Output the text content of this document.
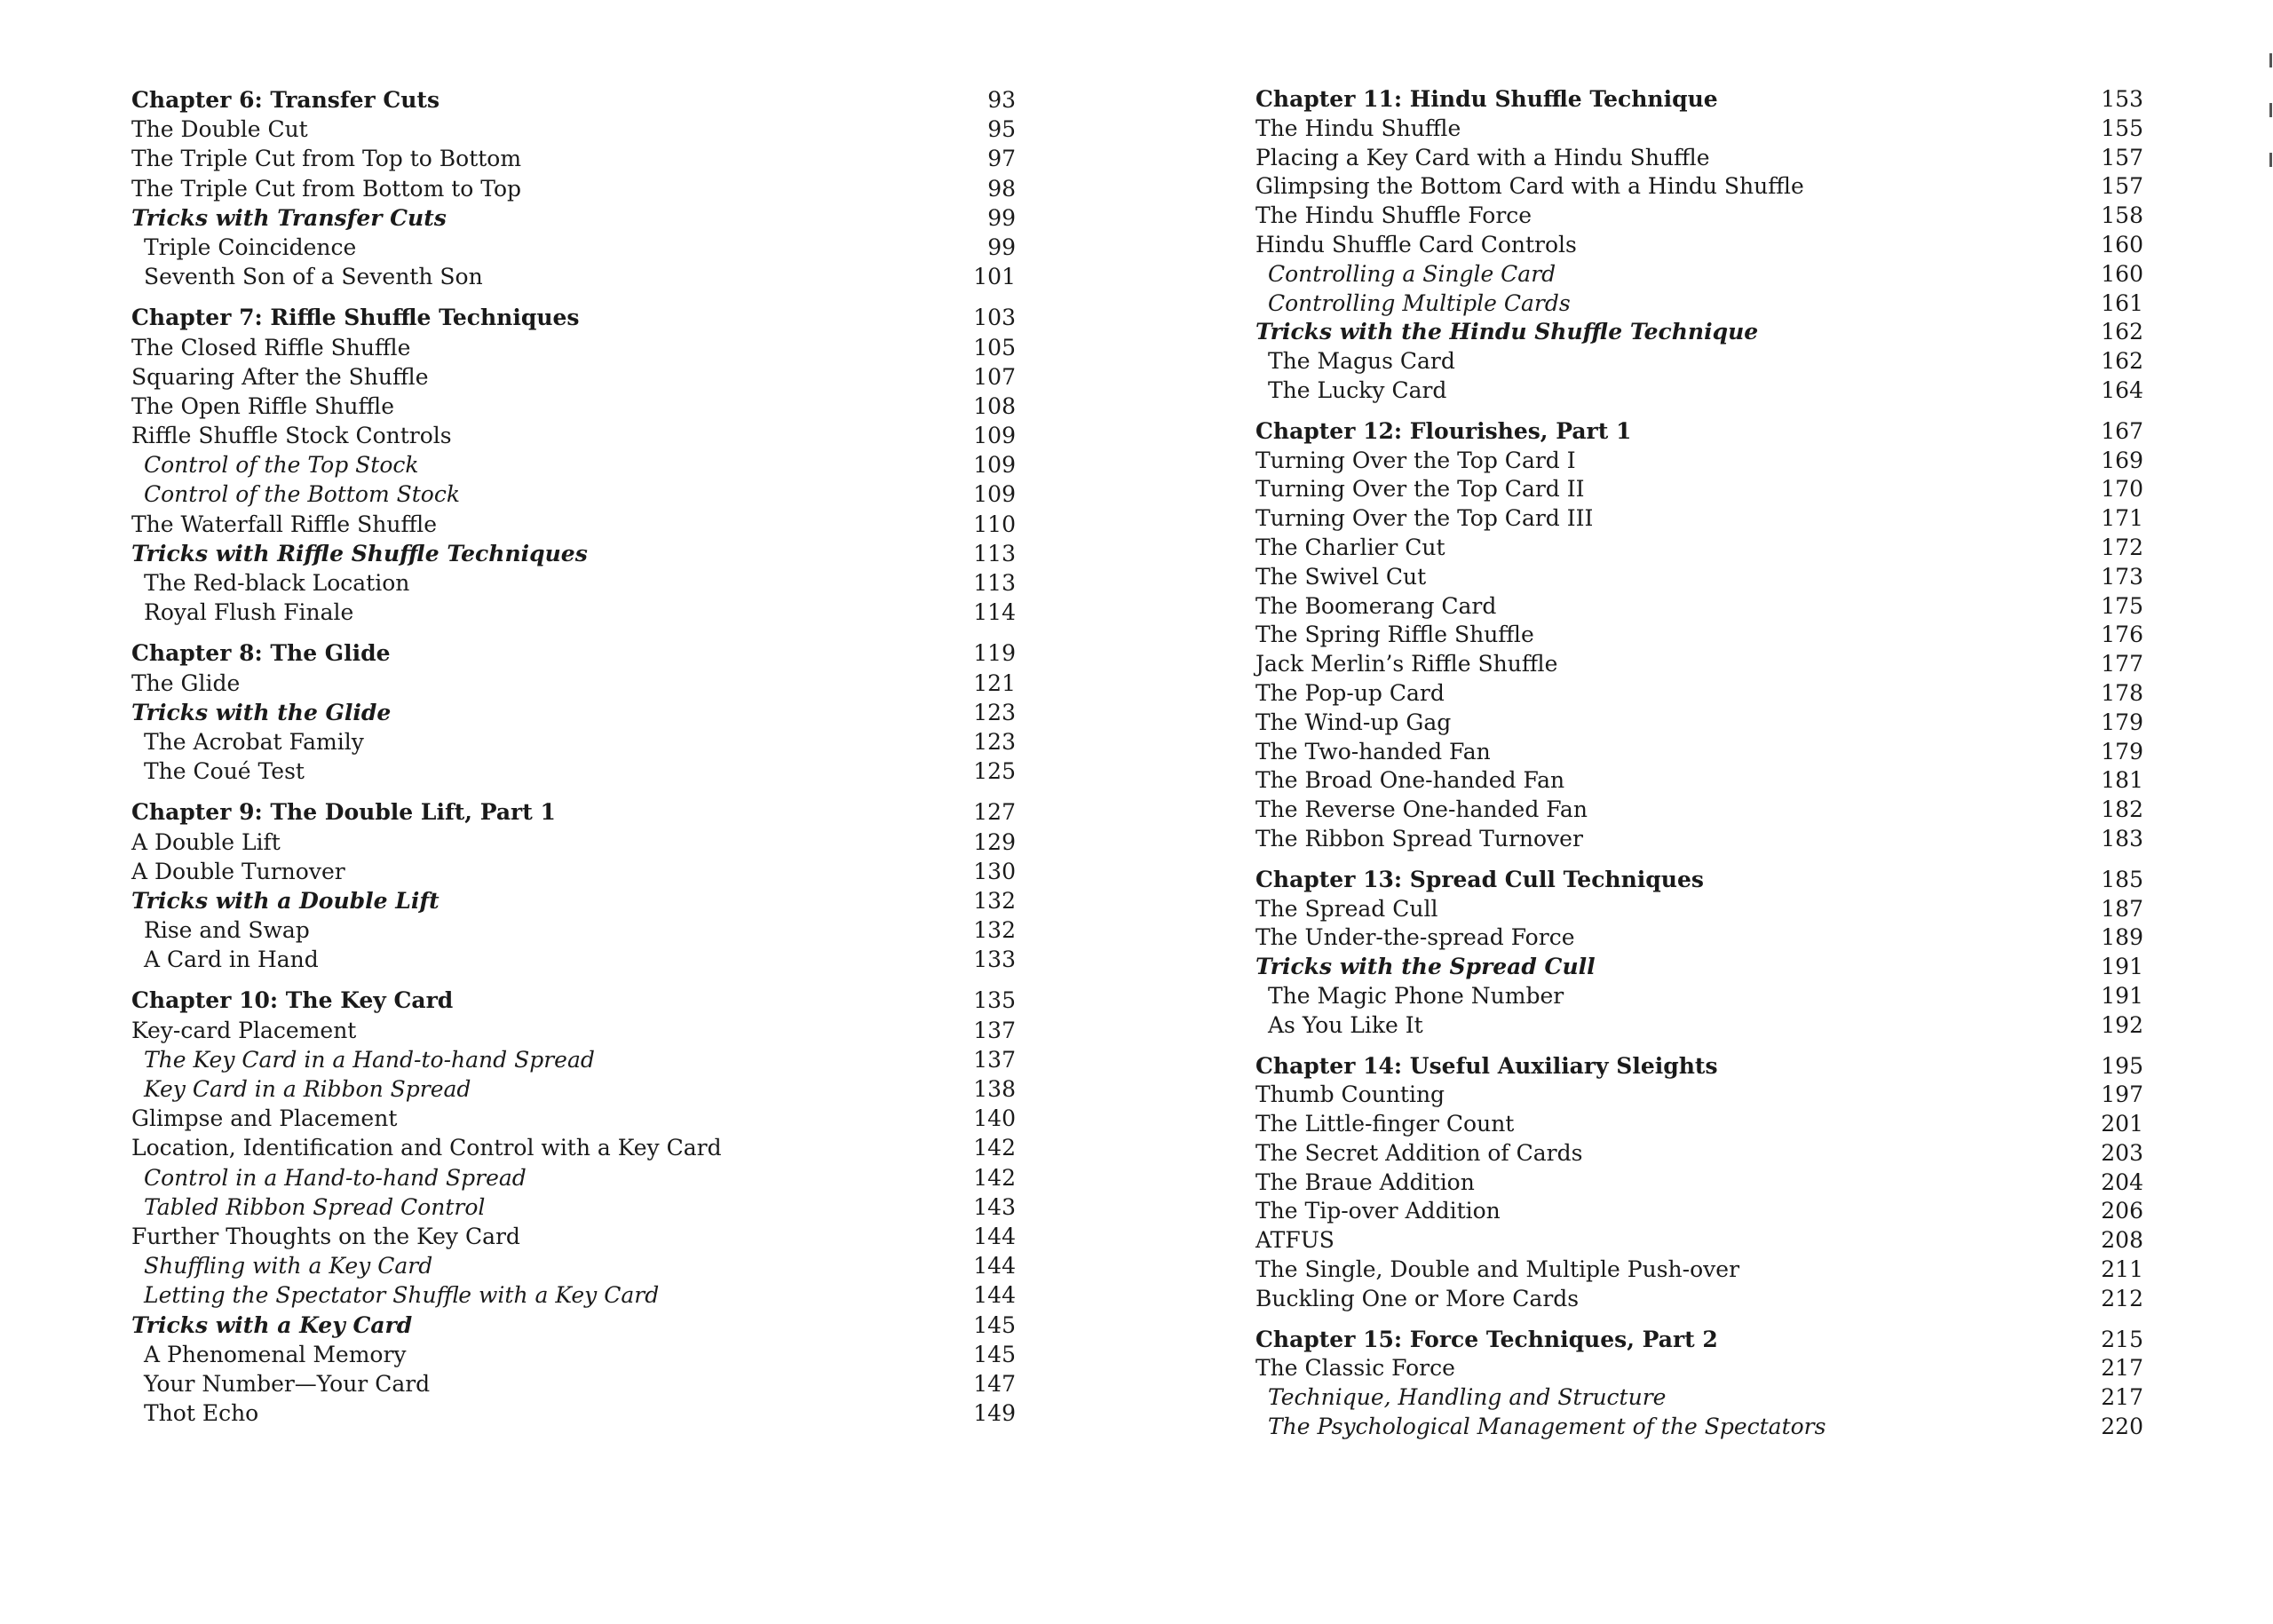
Chapter 6: Transfer Cuts	93
The Double Cut	95
The Triple Cut from Top to Bottom	97
The Triple Cut from Bottom to Top	98
Tricks with Transfer Cuts	99
Triple Coincidence	99
Seventh Son of a Seventh Son	101
Chapter 7: Riffle Shuffle Techniques	103
The Closed Riffle Shuffle	105
Squaring After the Shuffle	107
The Open Riffle Shuffle	108
Riffle Shuffle Stock Controls	109
Control of the Top Stock	109
Control of the Bottom Stock	109
The Waterfall Riffle Shuffle	110
Tricks with Riffle Shuffle Techniques	113
The Red-black Location	113
Royal Flush Finale	114
Chapter 8: The Glide	119
The Glide	121
Tricks with the Glide	123
The Acrobat Family	123
The Coué Test	125
Chapter 9: The Double Lift, Part 1	127
A Double Lift	129
A Double Turnover	130
Tricks with a Double Lift	132
Rise and Swap	132
A Card in Hand	133
Chapter 10: The Key Card	135
Key-card Placement	137
The Key Card in a Hand-to-hand Spread	137
Key Card in a Ribbon Spread	138
Glimpse and Placement	140
Location, Identification and Control with a Key Card	142
Control in a Hand-to-hand Spread	142
Tabled Ribbon Spread Control	143
Further Thoughts on the Key Card	144
Shuffling with a Key Card	144
Letting the Spectator Shuffle with a Key Card	144
Tricks with a Key Card	145
A Phenomenal Memory	145
Your Number—Your Card	147
Thot Echo	149
Chapter 11: Hindu Shuffle Technique	153
The Hindu Shuffle	155
Placing a Key Card with a Hindu Shuffle	157
Glimpsing the Bottom Card with a Hindu Shuffle	157
The Hindu Shuffle Force	158
Hindu Shuffle Card Controls	160
Controlling a Single Card	160
Controlling Multiple Cards	161
Tricks with the Hindu Shuffle Technique	162
The Magus Card	162
The Lucky Card	164
Chapter 12: Flourishes, Part 1	167
Turning Over the Top Card I	169
Turning Over the Top Card II	170
Turning Over the Top Card III	171
The Charlier Cut	172
The Swivel Cut	173
The Boomerang Card	175
The Spring Riffle Shuffle	176
Jack Merlin’s Riffle Shuffle	177
The Pop-up Card	178
The Wind-up Gag	179
The Two-handed Fan	179
The Broad One-handed Fan	181
The Reverse One-handed Fan	182
The Ribbon Spread Turnover	183
Chapter 13: Spread Cull Techniques	185
The Spread Cull	187
The Under-the-spread Force	189
Tricks with the Spread Cull	191
The Magic Phone Number	191
As You Like It	192
Chapter 14: Useful Auxiliary Sleights	195
Thumb Counting	197
The Little-finger Count	201
The Secret Addition of Cards	203
The Braue Addition	204
The Tip-over Addition	206
ATFUS	208
The Single, Double and Multiple Push-over	211
Buckling One or More Cards	212
Chapter 15: Force Techniques, Part 2	215
The Classic Force	217
Technique, Handling and Structure	217
The Psychological Management of the Spectators	220
